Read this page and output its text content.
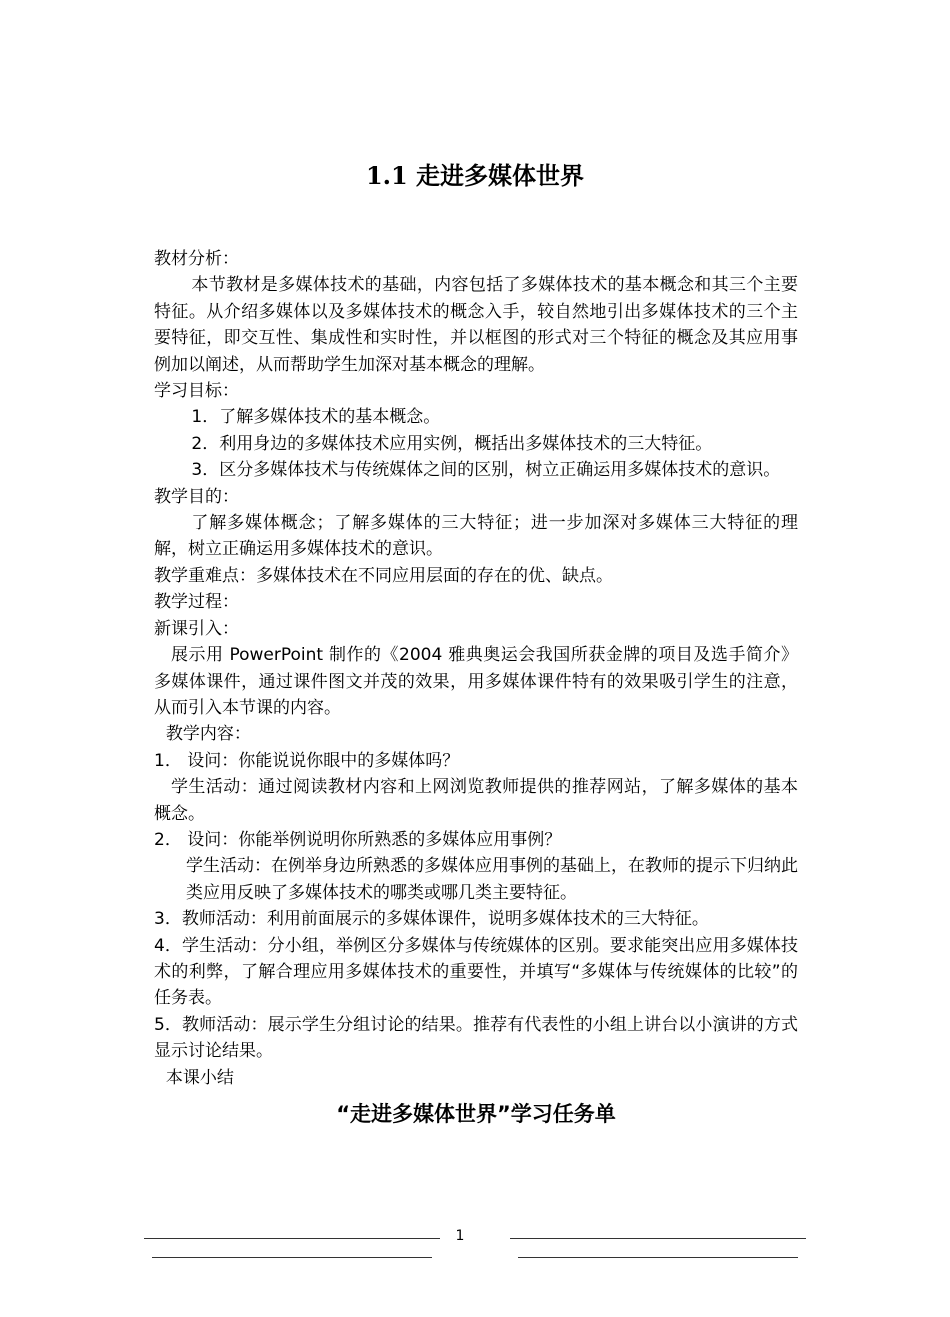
1.1 走进多媒体世界

教材分析：

本节教材是多媒体技术的基础，内容包括了多媒体技术的基本概念和其三个主要特征。从介绍多媒体以及多媒体技术的概念入手，较自然地引出多媒体技术的三个主要特征，即交互性、集成性和实时性，并以框图的形式对三个特征的概念及其应用事例加以阐述，从而帮助学生加深对基本概念的理解。

学习目标：

1．了解多媒体技术的基本概念。

2．利用身边的多媒体技术应用实例，概括出多媒体技术的三大特征。

3．区分多媒体技术与传统媒体之间的区别，树立正确运用多媒体技术的意识。

教学目的：

了解多媒体概念；了解多媒体的三大特征；进一步加深对多媒体三大特征的理解，树立正确运用多媒体技术的意识。

教学重难点：多媒体技术在不同应用层面的存在的优、缺点。

教学过程：

新课引入：

展示用 PowerPoint 制作的《2004 雅典奥运会我国所获金牌的项目及选手简介》多媒体课件，通过课件图文并茂的效果，用多媒体课件特有的效果吸引学生的注意，从而引入本节课的内容。

教学内容：

1． 设问：你能说说你眼中的多媒体吗？

学生活动：通过阅读教材内容和上网浏览教师提供的推荐网站，了解多媒体的基本概念。

2． 设问：你能举例说明你所熟悉的多媒体应用事例？

学生活动：在例举身边所熟悉的多媒体应用事例的基础上，在教师的提示下归纳此类应用反映了多媒体技术的哪类或哪几类主要特征。

3．教师活动：利用前面展示的多媒体课件，说明多媒体技术的三大特征。

4．学生活动：分小组，举例区分多媒体与传统媒体的区别。要求能突出应用多媒体技术的利弊，了解合理应用多媒体技术的重要性，并填写“多媒体与传统媒体的比较”的任务表。

5．教师活动：展示学生分组讨论的结果。推荐有代表性的小组上讲台以小演讲的方式显示讨论结果。

本课小结

“走进多媒体世界”学习任务单

1
